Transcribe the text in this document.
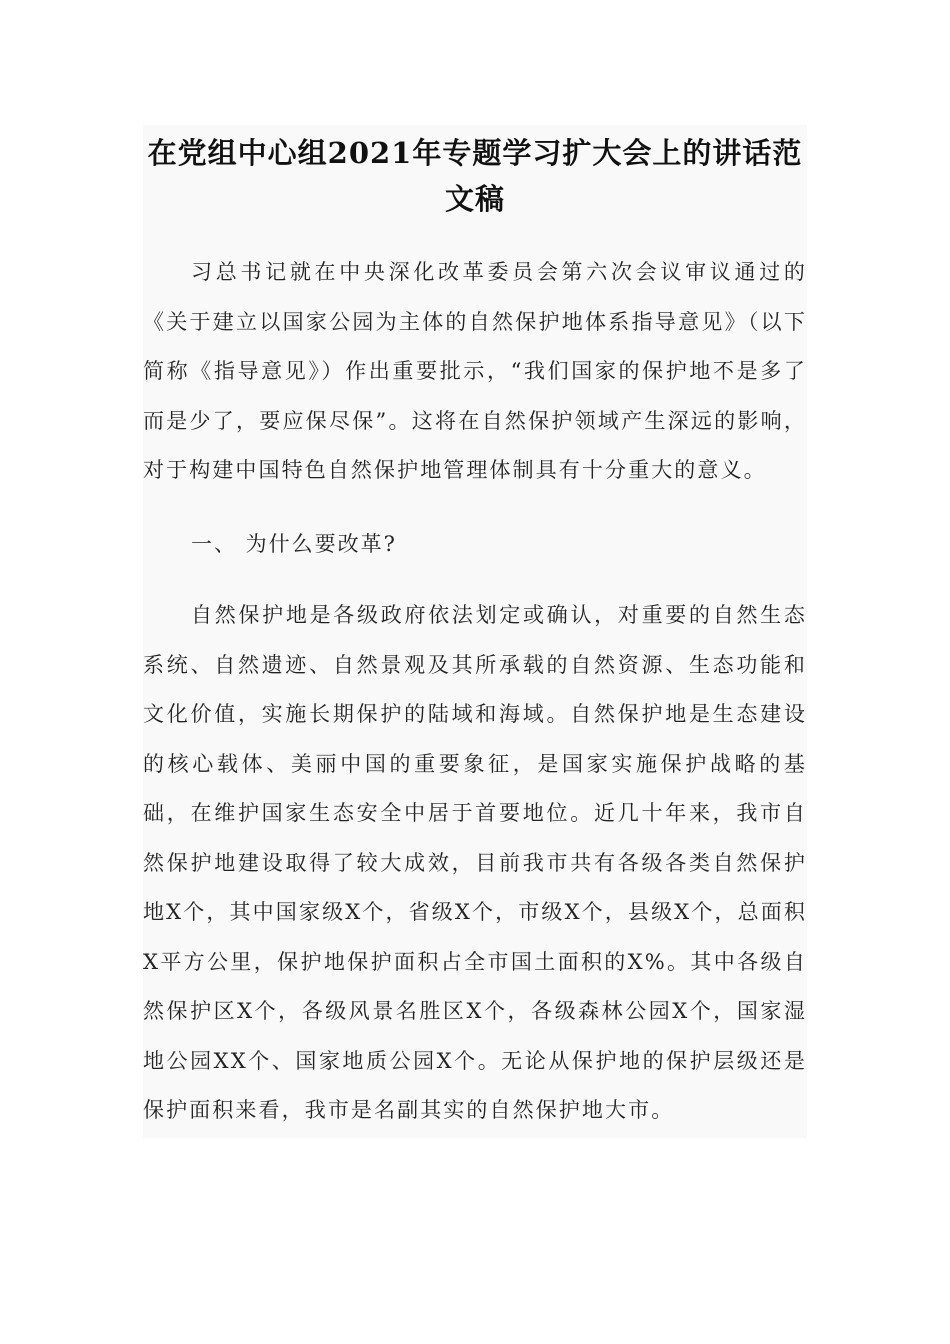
在党组中心组2021年专题学习扩大会上的讲话范文稿

习总书记就在中央深化改革委员会第六次会议审议通过的《关于建立以国家公园为主体的自然保护地体系指导意见》（以下简称《指导意见》）作出重要批示，“我们国家的保护地不是多了而是少了，要应保尽保”。这将在自然保护领域产生深远的影响，对于构建中国特色自然保护地管理体制具有十分重大的意义。

一、 为什么要改革?

自然保护地是各级政府依法划定或确认，对重要的自然生态系统、自然遗迹、自然景观及其所承载的自然资源、生态功能和文化价值，实施长期保护的陆域和海域。自然保护地是生态建设的核心载体、美丽中国的重要象征，是国家实施保护战略的基础，在维护国家生态安全中居于首要地位。近几十年来，我市自然保护地建设取得了较大成效，目前我市共有各级各类自然保护地X个，其中国家级X个，省级X个，市级X个，县级X个，总面积X平方公里，保护地保护面积占全市国土面积的X%。其中各级自然保护区X个，各级风景名胜区X个，各级森林公园X个，国家湿地公园XX个、国家地质公园X个。无论从保护地的保护层级还是保护面积来看，我市是名副其实的自然保护地大市。
